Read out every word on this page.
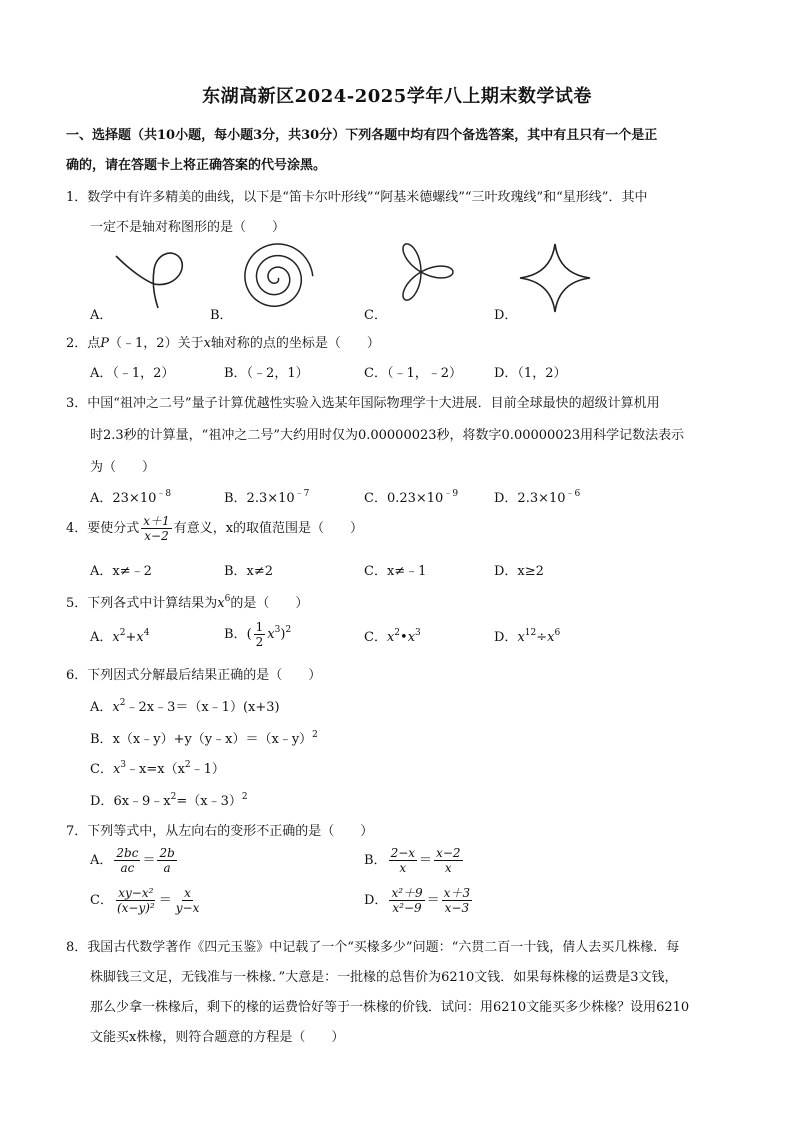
东湖高新区2024-2025学年八上期末数学试卷
一、选择题（共10小题，每小题3分，共30分）下列各题中均有四个备选答案，其中有且只有一个是正
确的，请在答题卡上将正确答案的代号涂黑。
1．数学中有许多精美的曲线，以下是“笛卡尔叶形线”“阿基米德螺线”“三叶玫瑰线”和“星形线”．其中
一定不是轴对称图形的是（　　）
A．	B．	C．	D．
2．点P（﹣1，2）关于x轴对称的点的坐标是（　　）
A．（﹣1，2）	B．（﹣2，1）	C．（﹣1，﹣2） D．（1，2）
3．中国“祖冲之二号”量子计算优越性实验入选某年国际物理学十大进展．目前全球最快的超级计算机用
时2.3秒的计算量，“祖冲之二号”大约用时仅为0.00000023秒，将数字0.00000023用科学记数法表示
为（　　）
A．$23\times 10^{﹣8}$	B．$2.3\times 10^{﹣7}$	C．$0.23\times 10^{﹣9}$	D．$2.3\times 10^{﹣6}$
4．要使分式 $\frac{x+1}{x-2}$ 有意义，x的取值范围是（　　）
A．x≠﹣2	B．x≠2	C．x≠﹣1	D．x≥2
5．下列各式中计算结果为$x^6$的是（　　）
A．$x^2+x^4$	B．( $\frac{1}{2} x^3)^2$	C．$x^2•x^3$	D．$x^{12}\div x^6$
6．下列因式分解最后结果正确的是（　　）
A．$x^2﹣2x﹣3=(x﹣1)(x+3)$
B．x（x﹣y）+y（y﹣x）＝（x﹣y）$^2$
C．$x^3﹣x=x(x^2﹣1)$
D．$6x﹣9﹣x^2=(x﹣3)^2$
7．下列等式中，从左向右的变形不正确的是（　　）
A． $\frac{2bc}{ac} = \frac{2b}{a}$	B． $\frac{2-x}{x} = \frac{x-2}{x}$
C． $\frac{\text{xy−x²}}{\text{(x−y)²}} = \frac{x}{y-x}$	D． $\frac{\text{x²＋9}}{\text{x²−9}} = \frac{x+3}{x-3}$
8．我国古代数学著作《四元玉鉴》中记载了一个“买椽多少”问题：“六贯二百一十钱，倩人去买几株椽．每
株脚钱三文足，无钱准与一株椽．”大意是：一批椽的总售价为6210文钱．如果每株椽的运费是3文钱，
那么少拿一株椽后，剩下的椽的运费恰好等于一株椽的价钱．试问：用6210文能买多少株椽？设用6210
文能买x株椽，则符合题意的方程是（　　）
